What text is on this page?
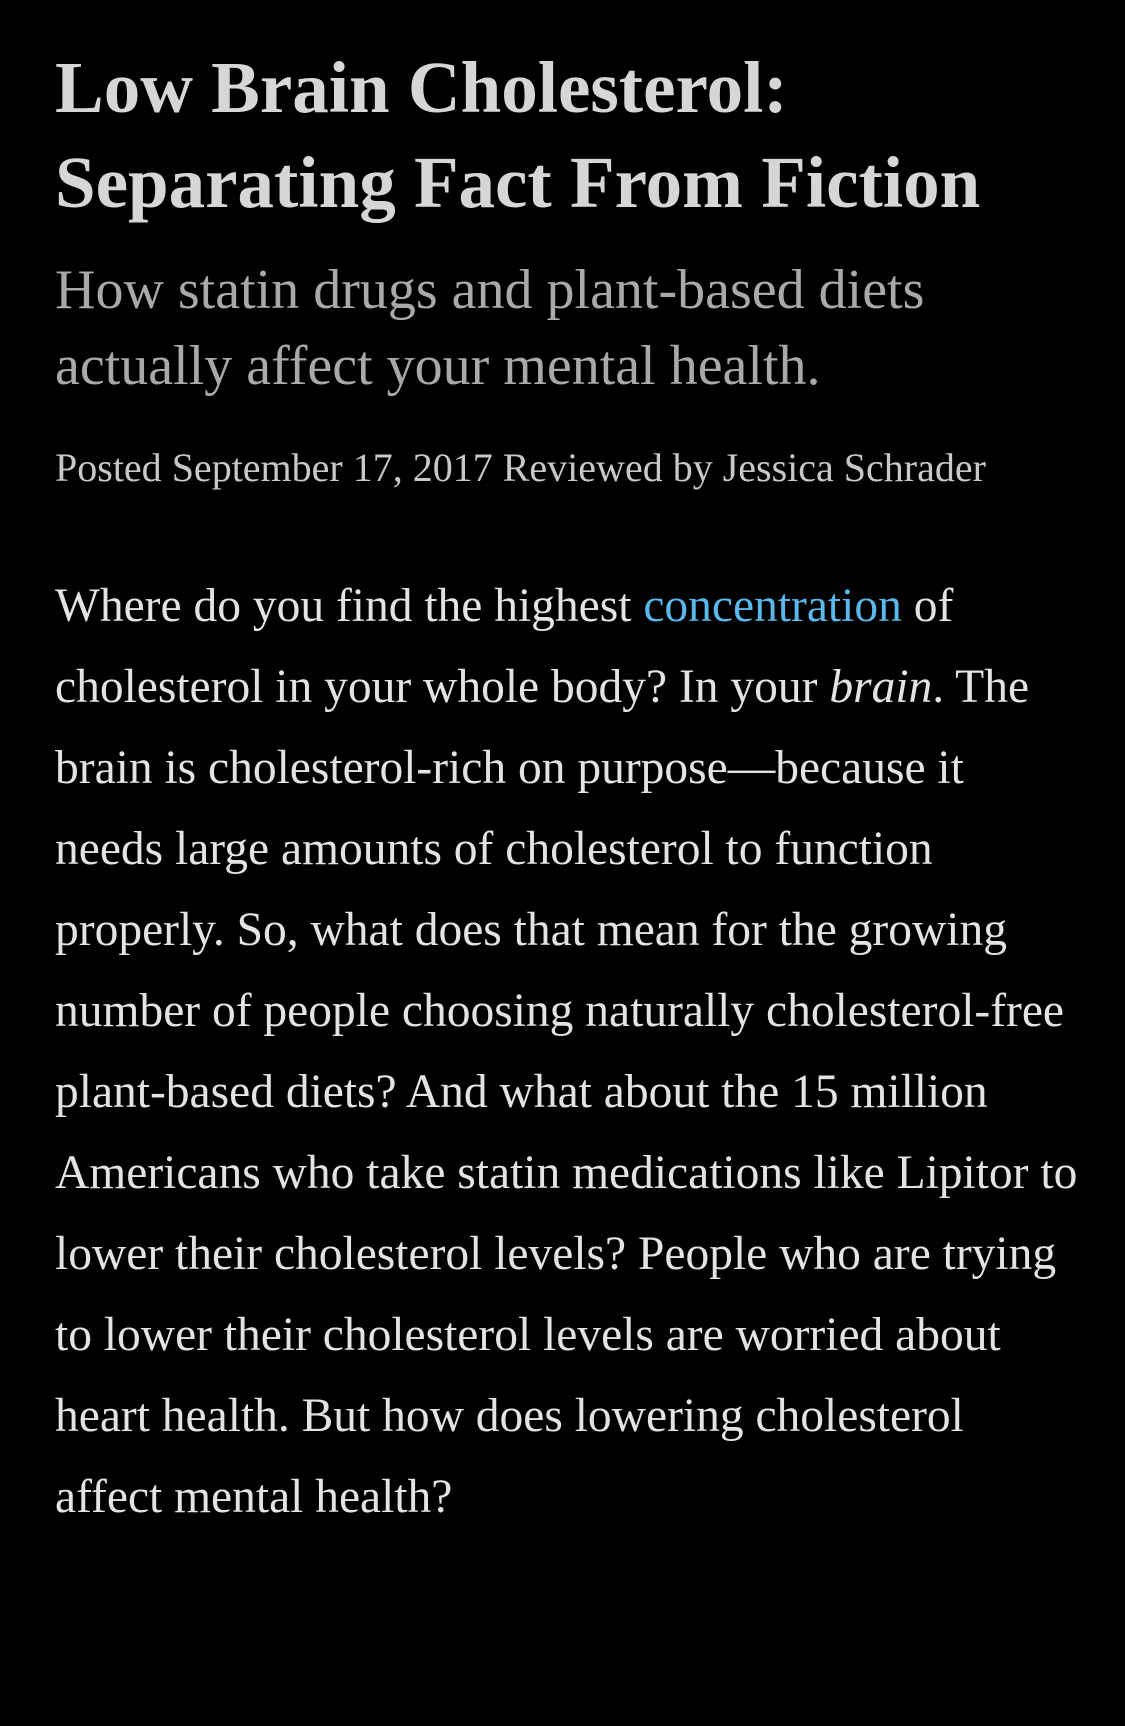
Low Brain Cholesterol: Separating Fact From Fiction
How statin drugs and plant-based diets actually affect your mental health.
Posted September 17, 2017 Reviewed by Jessica Schrader

Where do you find the highest concentration of cholesterol in your whole body? In your brain. The brain is cholesterol-rich on purpose—because it needs large amounts of cholesterol to function properly. So, what does that mean for the growing number of people choosing naturally cholesterol-free plant-based diets? And what about the 15 million Americans who take statin medications like Lipitor to lower their cholesterol levels? People who are trying to lower their cholesterol levels are worried about heart health. But how does lowering cholesterol affect mental health?
